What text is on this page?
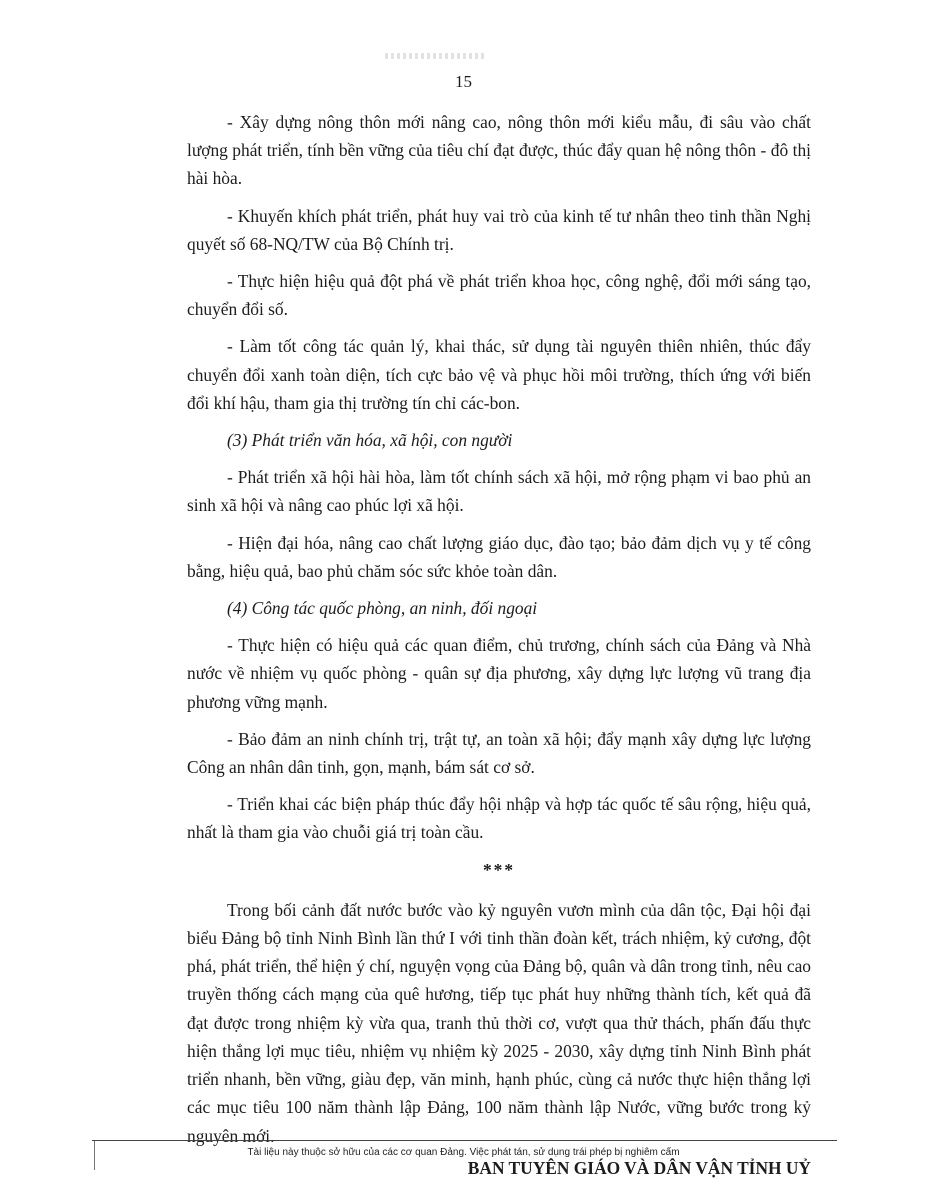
15

- Xây dựng nông thôn mới nâng cao, nông thôn mới kiểu mẫu, đi sâu vào chất lượng phát triển, tính bền vững của tiêu chí đạt được, thúc đẩy quan hệ nông thôn - đô thị hài hòa.

- Khuyến khích phát triển, phát huy vai trò của kinh tế tư nhân theo tinh thần Nghị quyết số 68-NQ/TW của Bộ Chính trị.

- Thực hiện hiệu quả đột phá về phát triển khoa học, công nghệ, đổi mới sáng tạo, chuyển đổi số.

- Làm tốt công tác quản lý, khai thác, sử dụng tài nguyên thiên nhiên, thúc đẩy chuyển đổi xanh toàn diện, tích cực bảo vệ và phục hồi môi trường, thích ứng với biến đổi khí hậu, tham gia thị trường tín chỉ các-bon.

(3) Phát triển văn hóa, xã hội, con người

- Phát triển xã hội hài hòa, làm tốt chính sách xã hội, mở rộng phạm vi bao phủ an sinh xã hội và nâng cao phúc lợi xã hội.

- Hiện đại hóa, nâng cao chất lượng giáo dục, đào tạo; bảo đảm dịch vụ y tế công bằng, hiệu quả, bao phủ chăm sóc sức khỏe toàn dân.

(4) Công tác quốc phòng, an ninh, đối ngoại

- Thực hiện có hiệu quả các quan điểm, chủ trương, chính sách của Đảng và Nhà nước về nhiệm vụ quốc phòng - quân sự địa phương, xây dựng lực lượng vũ trang địa phương vững mạnh.

- Bảo đảm an ninh chính trị, trật tự, an toàn xã hội; đẩy mạnh xây dựng lực lượng Công an nhân dân tinh, gọn, mạnh, bám sát cơ sở.

- Triển khai các biện pháp thúc đẩy hội nhập và hợp tác quốc tế sâu rộng, hiệu quả, nhất là tham gia vào chuỗi giá trị toàn cầu.

***

Trong bối cảnh đất nước bước vào kỷ nguyên vươn mình của dân tộc, Đại hội đại biểu Đảng bộ tỉnh Ninh Bình lần thứ I với tinh thần đoàn kết, trách nhiệm, kỷ cương, đột phá, phát triển, thể hiện ý chí, nguyện vọng của Đảng bộ, quân và dân trong tỉnh, nêu cao truyền thống cách mạng của quê hương, tiếp tục phát huy những thành tích, kết quả đã đạt được trong nhiệm kỳ vừa qua, tranh thủ thời cơ, vượt qua thử thách, phấn đấu thực hiện thắng lợi mục tiêu, nhiệm vụ nhiệm kỳ 2025 - 2030, xây dựng tỉnh Ninh Bình phát triển nhanh, bền vững, giàu đẹp, văn minh, hạnh phúc, cùng cả nước thực hiện thắng lợi các mục tiêu 100 năm thành lập Đảng, 100 năm thành lập Nước, vững bước trong kỷ nguyên mới.

BAN TUYÊN GIÁO VÀ DÂN VẬN TỈNH UỶ

Tài liệu này thuộc sở hữu của các cơ quan Đảng. Việc phát tán, sử dụng trái phép bị nghiêm cấm
